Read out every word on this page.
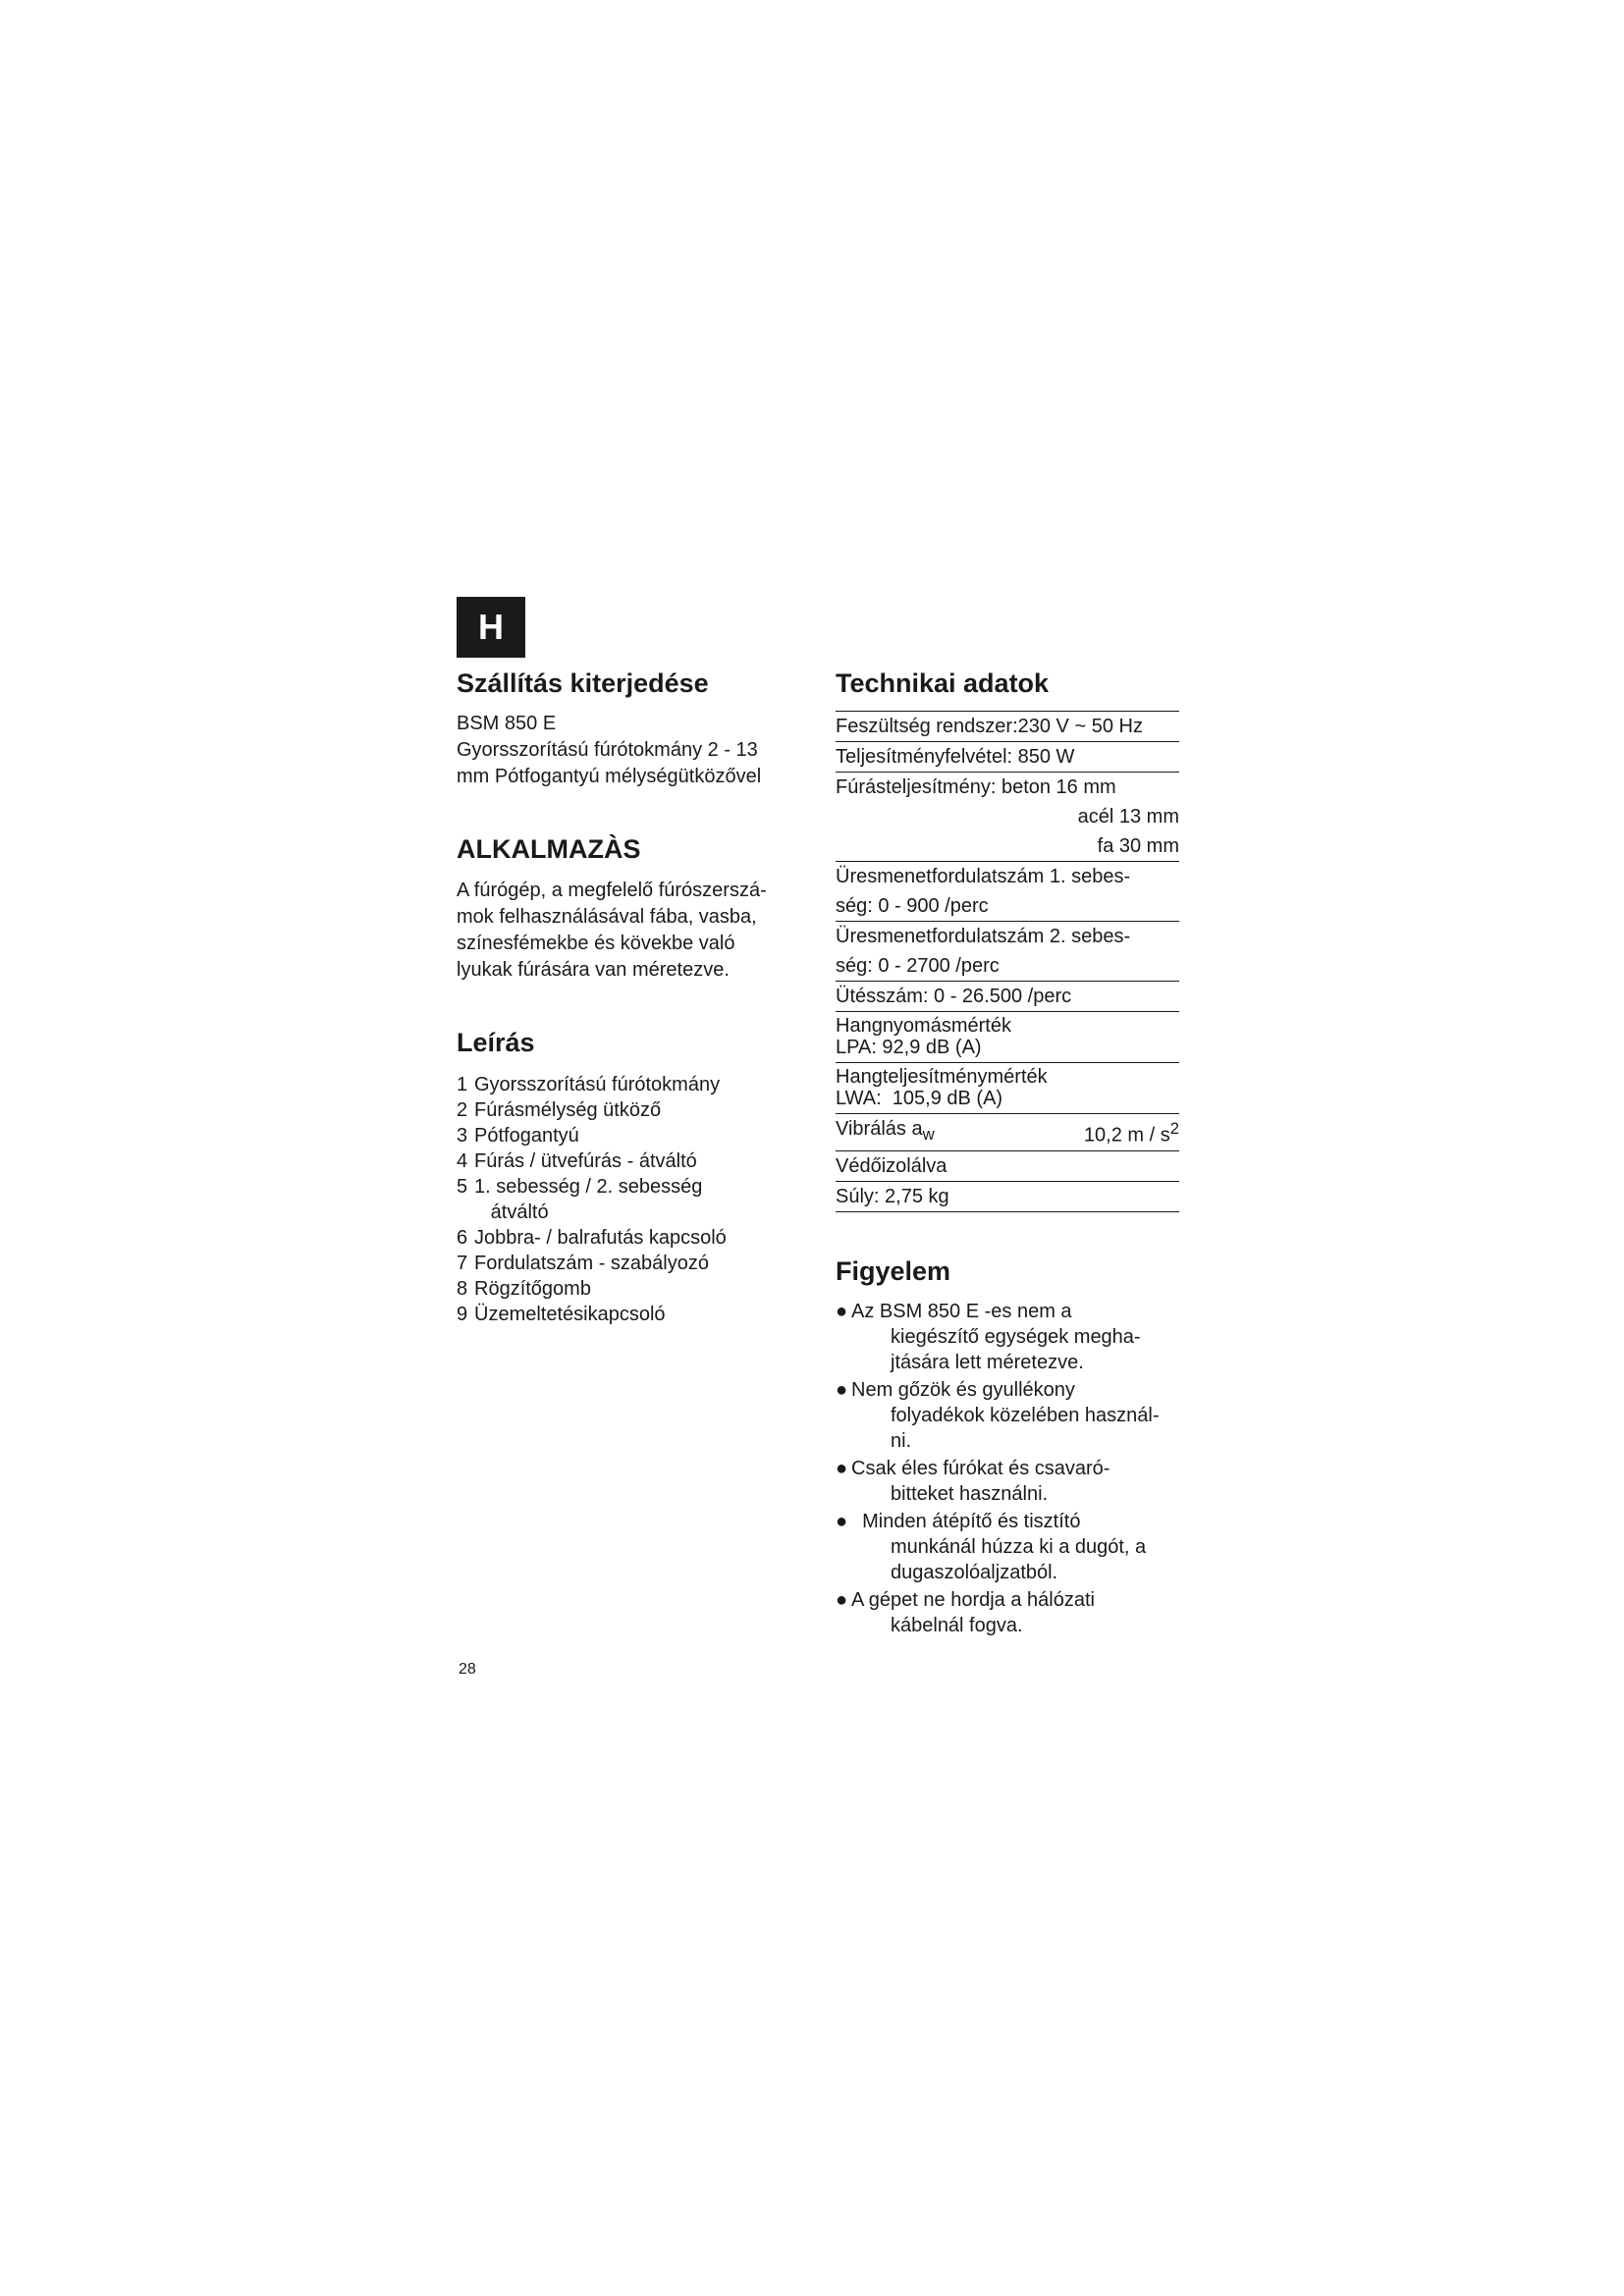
H
Szállítás kiterjedése
BSM 850 E
Gyorsszorítású fúrótokmány 2 - 13
mm Pótfogantyú mélységütközővel
ALKALMAZÀS
A fúrógép, a megfelelő fúrószerszá-
mok felhasználásával fába, vasba,
színesfémekbe és kövekbe való
lyukak fúrására van méretezve.
Leírás
1 Gyorsszorítású fúrótokmány
2 Fúrásmélység ütköző
3 Pótfogantyú
4 Fúrás / ütvefúrás - átváltó
5 1. sebesség / 2. sebesség
átváltó
6 Jobbra- / balrafutás kapcsoló
7 Fordulatszám - szabályozó
8 Rögzítőgomb
9 Üzemeltetésikapcsoló
Technikai adatok
Feszültség rendszer:230 V ~ 50 Hz
Teljesítményfelvétel: 850 W
Fúrásteljesítmény: beton 16 mm
acél 13 mm
fa 30 mm
Üresmenetfordulatszám 1. sebes-
ség: 0 - 900 /perc
Üresmenetfordulatszám 2. sebes-
ség: 0 - 2700 /perc
Ütésszám: 0 - 26.500 /perc
Hangnyomásmérték
LPA: 92,9 dB (A)
Hangteljesítménymérték
LWA:  105,9 dB (A)
Vibrálás $a_w$	10,2 m / $s^2$
Védőizolálva
Súly: 2,75 kg
Figyelem
● Az BSM 850 E -es nem a
kiegészítő egységek megha-
jtására lett méretezve.
● Nem gőzök és gyullékony
folyadékok közelében használ-
ni.
● Csak éles fúrókat és csavaró-
bitteket használni.
● Minden átépítő és tisztító
munkánál húzza ki a dugót, a
dugaszolóaljzatból.
● A gépet ne hordja a hálózati
kábelnál fogva.
28
